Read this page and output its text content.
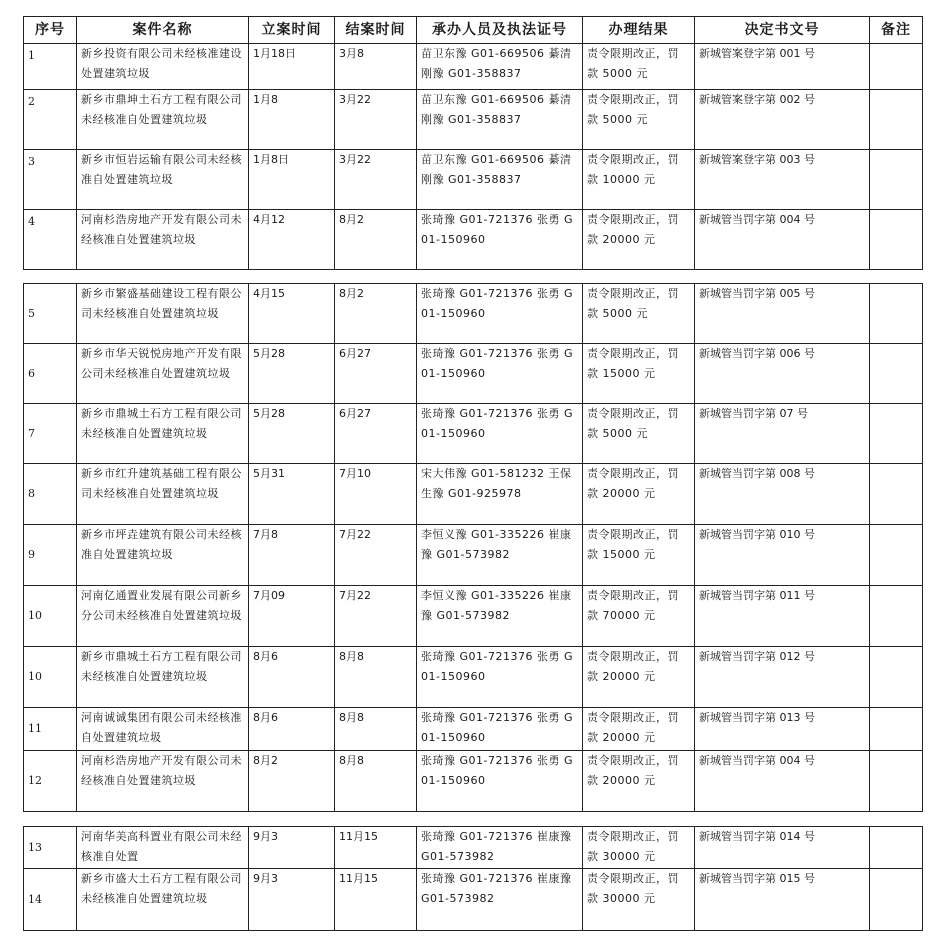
序号	案件名称	立案时间	结案时间	承办人员及执法证号	办理结果	决定书文号	备注
1	新乡投资有限公司未经核准建设处置建筑垃圾	1月18日	3月8	苗卫东豫 G01-669506 綦清刚豫 G01-358837	责令限期改正，罚款 5000 元	新城管案登字第 001 号	
2	新乡市鼎坤土石方工程有限公司 未经核准自处置建筑垃圾	1月8	3月22	苗卫东豫 G01-669506 綦清刚豫 G01-358837	责令限期改正，罚款 5000 元	新城管案登字第 002 号	
3	新乡市恒岩运输有限公司未经核准自处置建筑垃圾	1月8日	3月22	苗卫东豫 G01-669506 綦清刚豫 G01-358837	责令限期改正，罚款 10000 元	新城管案登字第 003 号	
4	河南杉浩房地产开发有限公司未经核准自处置建筑垃圾	4月12	8月2	张琦豫 G01-721376 张勇 G01-150960	责令限期改正，罚款 20000 元	新城管当罚字第 004 号	
5	新乡市繁盛基础建设工程有限公司未经核准自处置建筑垃圾	4月15	8月2	张琦豫 G01-721376 张勇 G01-150960	责令限期改正，罚款 5000 元	新城管当罚字第 005 号	
6	新乡市华天锐悦房地产开发有限公司未经核准自处置建筑垃圾	5月28	6月27	张琦豫 G01-721376 张勇 G01-150960	责令限期改正，罚款 15000 元	新城管当罚字第 006 号	
7	新乡市鼎城土石方工程有限公司未经核准自处置建筑垃圾	5月28	6月27	张琦豫 G01-721376 张勇 G01-150960	责令限期改正，罚款 5000 元	新城管当罚字第 07 号	
8	新乡市红升建筑基础工程有限公司未经核准自处置建筑垃圾	5月31	7月10	宋大伟豫 G01-581232 王保生豫 G01-925978	责令限期改正，罚款 20000 元	新城管当罚字第 008 号	
9	新乡市坪垚建筑有限公司未经核准自处置建筑垃圾	7月8	7月22	李恒义豫 G01-335226 崔康豫 G01-573982	责令限期改正，罚款 15000 元	新城管当罚字第 010 号	
10	河南亿通置业发展有限公司新乡分公司未经核准自处置建筑垃圾	7月09	7月22	李恒义豫 G01-335226 崔康豫 G01-573982	责令限期改正，罚款 70000 元	新城管当罚字第 011 号	
10	新乡市鼎城土石方工程有限公司未经核准自处置建筑垃圾	8月6	8月8	张琦豫 G01-721376 张勇 G01-150960	责令限期改正，罚款 20000 元	新城管当罚字第 012 号	
11	河南诚诚集团有限公司未经核准自处置建筑垃圾	8月6	8月8	张琦豫 G01-721376 张勇 G01-150960	责令限期改正，罚款 20000 元	新城管当罚字第 013 号	
12	河南杉浩房地产开发有限公司未经核准自处置建筑垃圾	8月2	8月8	张琦豫 G01-721376 张勇 G01-150960	责令限期改正，罚款 20000 元	新城管当罚字第 004 号	
13	河南华美高科置业有限公司未经核准自处置	9月3	11月15	张琦豫 G01-721376 崔康豫 G01-573982	责令限期改正，罚款 30000 元	新城管当罚字第 014 号	
14	新乡市盛大土石方工程有限公司未经核准自处置建筑垃圾	9月3	11月15	张琦豫 G01-721376 崔康豫 G01-573982	责令限期改正，罚款 30000 元	新城管当罚字第 015 号	
